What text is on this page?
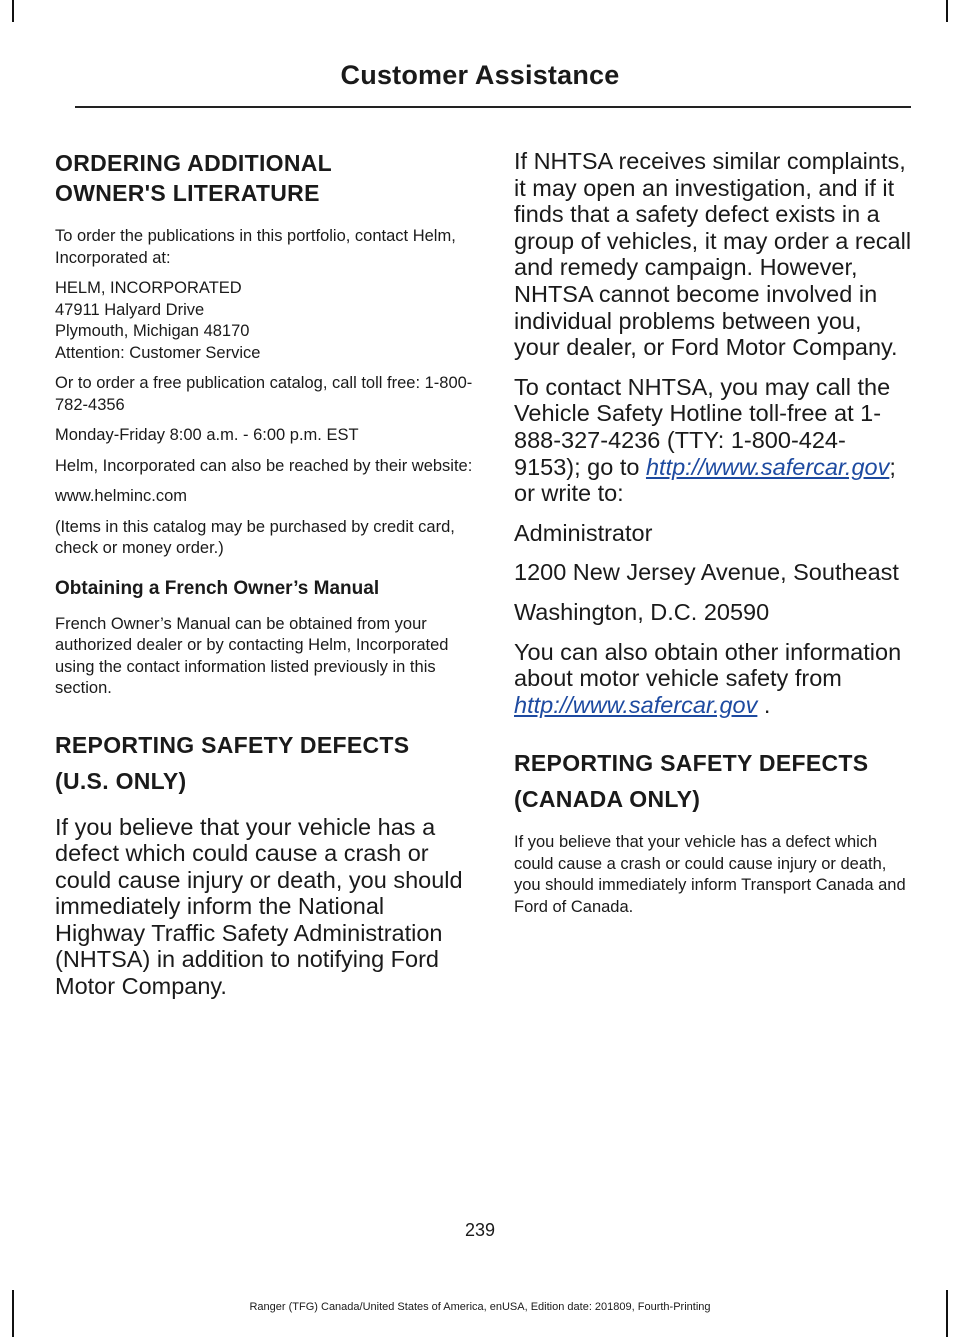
Customer Assistance
ORDERING ADDITIONAL
OWNER'S LITERATURE

To order the publications in this portfolio, contact Helm, Incorporated at:

HELM, INCORPORATED
47911 Halyard Drive
Plymouth, Michigan 48170
Attention: Customer Service

Or to order a free publication catalog, call toll free: 1-800-782-4356

Monday-Friday 8:00 a.m. - 6:00 p.m. EST

Helm, Incorporated can also be reached by their website:

www.helminc.com

(Items in this catalog may be purchased by credit card, check or money order.)

Obtaining a French Owner’s Manual

French Owner’s Manual can be obtained from your authorized dealer or by contacting Helm, Incorporated using the contact information listed previously in this section.

REPORTING SAFETY DEFECTS
(U.S. ONLY)

If you believe that your vehicle has a defect which could cause a crash or could cause injury or death, you should immediately inform the National Highway Traffic Safety Administration (NHTSA) in addition to notifying Ford Motor Company.

If NHTSA receives similar complaints, it may open an investigation, and if it finds that a safety defect exists in a group of vehicles, it may order a recall and remedy campaign. However, NHTSA cannot become involved in individual problems between you, your dealer, or Ford Motor Company.

To contact NHTSA, you may call the Vehicle Safety Hotline toll-free at 1-888-327-4236 (TTY: 1-800-424-9153); go to http://www.safercar.gov; or write to:

Administrator

1200 New Jersey Avenue, Southeast

Washington, D.C. 20590

You can also obtain other information about motor vehicle safety from http://www.safercar.gov .

REPORTING SAFETY DEFECTS
(CANADA ONLY)

If you believe that your vehicle has a defect which could cause a crash or could cause injury or death, you should immediately inform Transport Canada and Ford of Canada.

239
Ranger (TFG) Canada/United States of America, enUSA, Edition date: 201809, Fourth-Printing
